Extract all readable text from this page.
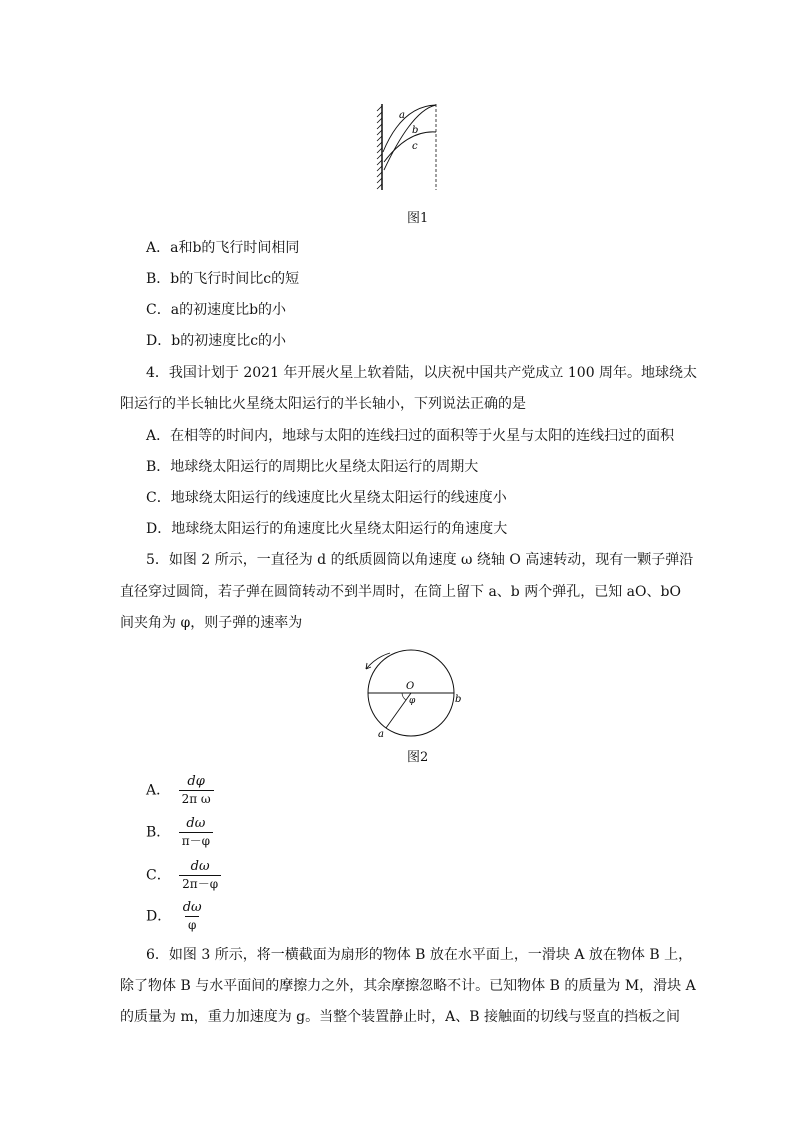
a
b
c
图1
A．a和b的飞行时间相同
B．b的飞行时间比c的短
C．a的初速度比b的小
D．b的初速度比c的小
4．我国计划于 2021 年开展火星上软着陆，以庆祝中国共产党成立 100 周年。地球绕太
阳运行的半长轴比火星绕太阳运行的半长轴小，下列说法正确的是
A．在相等的时间内，地球与太阳的连线扫过的面积等于火星与太阳的连线扫过的面积
B．地球绕太阳运行的周期比火星绕太阳运行的周期大
C．地球绕太阳运行的线速度比火星绕太阳运行的线速度小
D．地球绕太阳运行的角速度比火星绕太阳运行的角速度大
5．如图 2 所示，一直径为 d 的纸质圆筒以角速度 ω 绕轴 O 高速转动，现有一颗子弹沿
直径穿过圆筒，若子弹在圆筒转动不到半周时，在筒上留下 a、b 两个弹孔，已知 aO、bO
间夹角为 φ，则子弹的速率为
O
φ	b
a
图2
A． $\frac{d\varphi}{\text{2π ω}}$
B． $\frac{d\omega}{\pi-\varphi}$
C． $\frac{d\omega}{2\pi-\varphi}$
D． $\frac{d\omega}{\varphi}$
6．如图 3 所示，将一横截面为扇形的物体 B 放在水平面上，一滑块 A 放在物体 B 上，
除了物体 B 与水平面间的摩擦力之外，其余摩擦忽略不计。已知物体 B 的质量为 M，滑块 A
的质量为 m，重力加速度为 g。当整个装置静止时，A、B 接触面的切线与竖直的挡板之间
